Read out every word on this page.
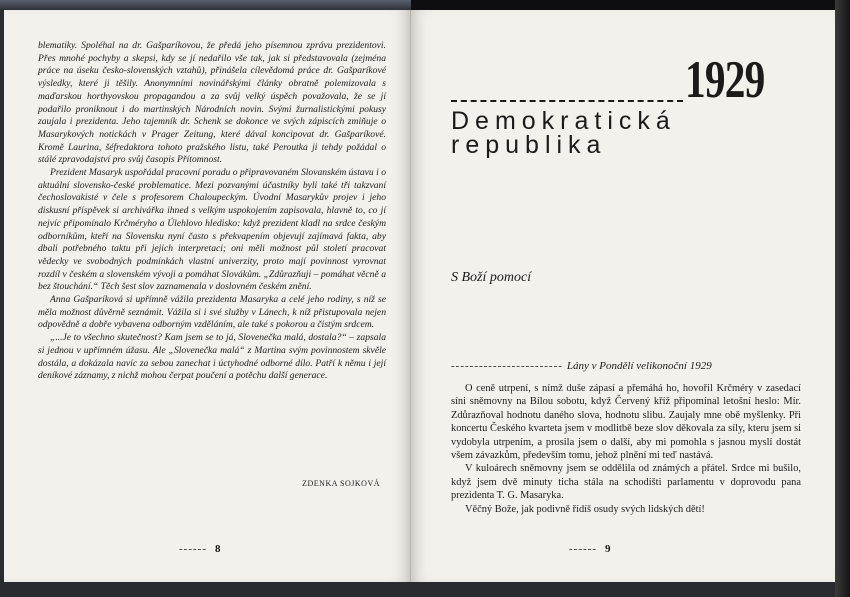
blematiky. Spoléhal na dr. Gašparíkovou, že předá jeho písemnou zprávu prezidentovi. Přes mnohé pochyby a skepsi, kdy se jí nedařilo vše tak, jak si představovala (zejména práce na úseku česko-slovenských vztahů), přinášela cílevědomá práce dr. Gašparíkové výsledky, které ji těšily. Anonymními novinářskými články obratně polemizovala s maďarskou horthyovskou propagandou a za svůj velký úspěch považovala, že se jí podařilo proniknout i do martinských Národních novin. Svými žurnalistickými pokusy zaujala i prezidenta. Jeho tajemník dr. Schenk se dokonce ve svých zápiscích zmiňuje o Masarykových notickách v Prager Zeitung, které dával koncipovat dr. Gašparíkové. Kromě Laurina, šéfredaktora tohoto pražského listu, také Peroutka ji tehdy požádal o stálé zpravodajství pro svůj časopis Přítomnost.

Prezident Masaryk uspořádal pracovní poradu o připravovaném Slovanském ústavu i o aktuální slovensko-české problematice. Mezi pozvanými účastníky byli také tři takzvaní čechoslovakisté v čele s profesorem Chaloupeckým. Úvodní Masarykův projev i jeho diskusní příspěvek si archivářka ihned s velkým uspokojením zapisovala, hlavně to, co jí nejvíc připomínalo Krčméryho a Úlehlovo hledisko: když prezident kladl na srdce českým odborníkům, kteří na Slovensku nyní často s překvapením objevují zajímavá fakta, aby dbali potřebného taktu při jejich interpretaci; oni měli možnost půl století pracovat vědecky ve svobodných podmínkách vlastní univerzity, proto mají povinnost vyrovnat rozdíl v českém a slovenském vývoji a pomáhat Slovákům. „Zdůrazňuji – pomáhat věcně a bez štouchání.“ Těch šest slov zaznamenala v doslovném českém znění.

Anna Gašparíková si upřímně vážila prezidenta Masaryka a celé jeho rodiny, s níž se měla možnost důvěrně seznámit. Vážila si i své služby v Lánech, k níž přistupovala nejen odpovědně a dobře vybavena odborným vzděláním, ale také s pokorou a čistým srdcem.

„...Je to všechno skutečnost? Kam jsem se to já, Slovenečka malá, dostala?“ – zapsala si jednou v upřímném úžasu. Ale „Slovenečka malá“ z Martina svým povinnostem skvěle dostála, a dokázala navíc za sebou zanechat i úctyhodné odborné dílo. Patří k němu i její deníkové záznamy, z nichž mohou čerpat poučení a potěchu další generace.

ZDENKA SOJKOVÁ
------ 8
1929
Demokratická
republika
S Boží pomocí
------------------------ Lány v Pondělí velikonoční 1929

O ceně utrpení, s nímž duše zápasí a přemáhá ho, hovořil Krčméry v zasedací síni sněmovny na Bílou sobotu, když Červený kříž připomínal letošní heslo: Mír. Zdůrazňoval hodnotu daného slova, hodnotu slibu. Zaujaly mne obě myšlenky. Při koncertu Českého kvarteta jsem v modlitbě beze slov děkovala za síly, kteru jsem si vydobyla utrpením, a prosila jsem o další, aby mi pomohla s jasnou myslí dostát všem závazkům, především tomu, jehož plnění mi teď nastává.

V kuloárech sněmovny jsem se oddělila od známých a přátel. Srdce mi bušilo, když jsem dvě minuty ticha stála na schodišti parlamentu v doprovodu pana prezidenta T. G. Masaryka.

Věčný Bože, jak podivně řídíš osudy svých lidských dětí!

------ 9
